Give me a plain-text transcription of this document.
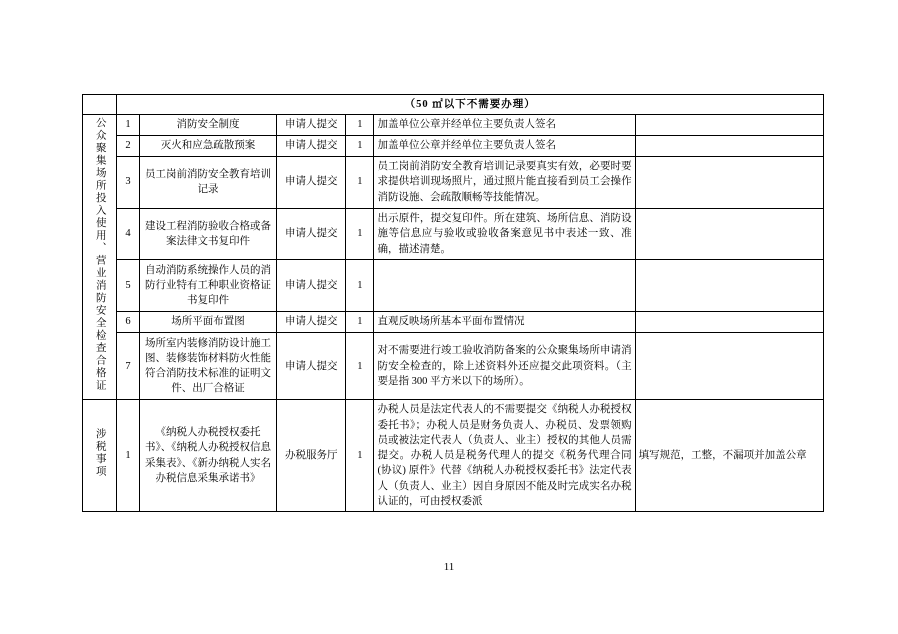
	（50 ㎡以下不需要办理）					
公众聚集场所投入使用、营业消防安全检查合格证	1	消防安全制度	申请人提交	1	加盖单位公章并经单位主要负责人签名	
	2	灭火和应急疏散预案	申请人提交	1	加盖单位公章并经单位主要负责人签名	
	3	员工岗前消防安全教育培训记录	申请人提交	1	员工岗前消防安全教育培训记录要真实有效，必要时要求提供培训现场照片，通过照片能直接看到员工会操作消防设施、会疏散顺畅等技能情况。	
	4	建设工程消防验收合格或备案法律文书复印件	申请人提交	1	出示原件，提交复印件。所在建筑、场所信息、消防设施等信息应与验收或验收备案意见书中表述一致、准确，描述清楚。	
	5	自动消防系统操作人员的消防行业特有工种职业资格证书复印件	申请人提交	1		
	6	场所平面布置图	申请人提交	1	直观反映场所基本平面布置情况	
	7	场所室内装修消防设计施工图、装修装饰材料防火性能符合消防技术标准的证明文件、出厂合格证	申请人提交	1	对不需要进行竣工验收消防备案的公众聚集场所申请消防安全检查的，除上述资料外还应提交此项资料。（主要是指 300 平方米以下的场所）。	
涉税事项	1	《纳税人办税授权委托书》、《纳税人办税授权信息采集表》、《新办纳税人实名办税信息采集承诺书》	办税服务厅	1	办税人员是法定代表人的不需要提交《纳税人办税授权委托书》；办税人员是财务负责人、办税员、发票领购员或被法定代表人（负责人、业主）授权的其他人员需提交。办税人员是税务代理人的提交《税务代理合同(协议) 原件》代替《纳税人办税授权委托书》法定代表人（负责人、业主）因自身原因不能及时完成实名办税认证的，可由授权委派	填写规范，工整，不漏项并加盖公章
11
